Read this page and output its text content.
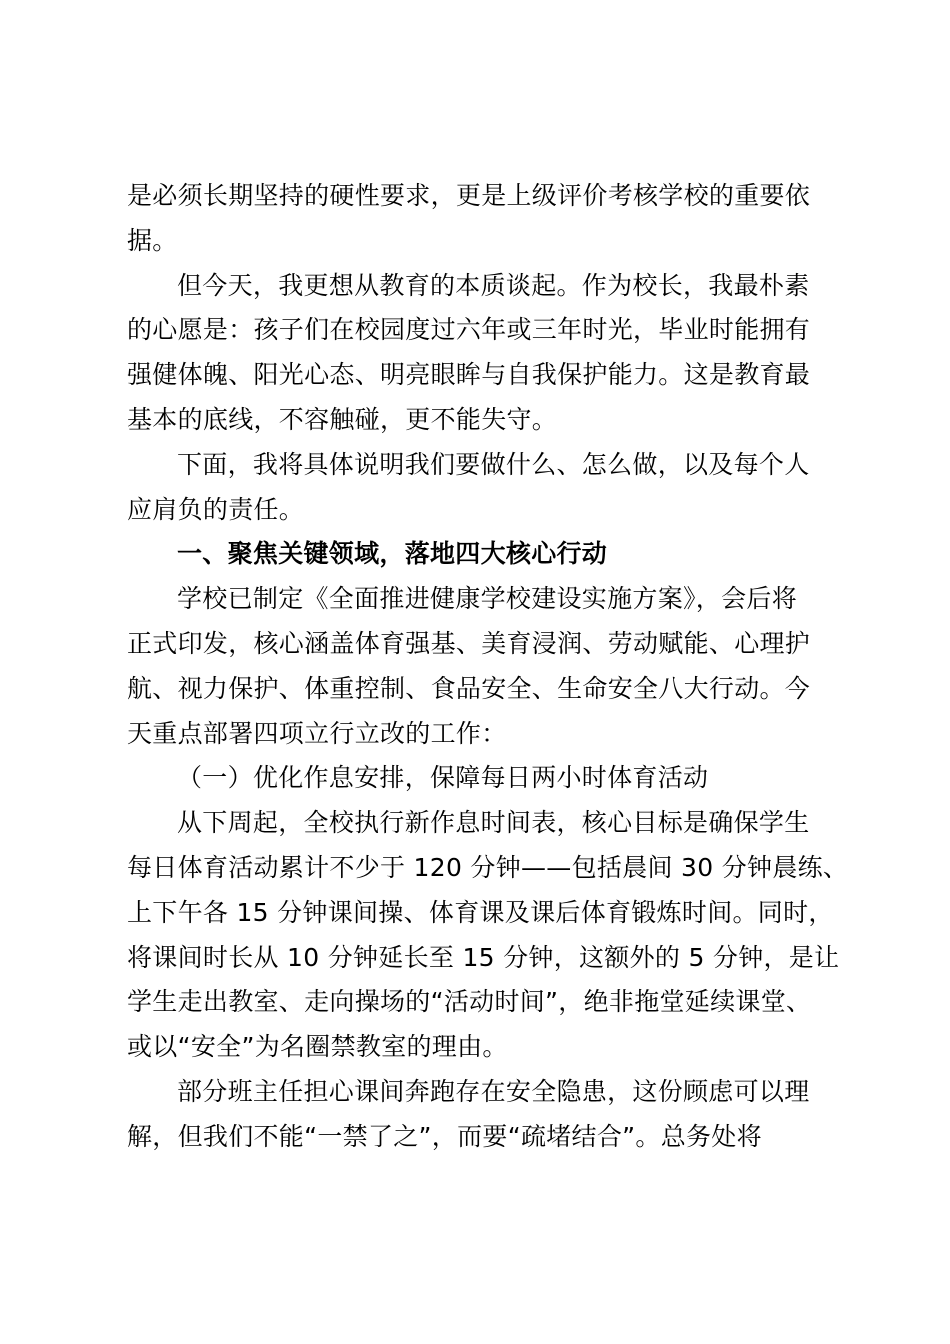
是必须长期坚持的硬性要求，更是上级评价考核学校的重要依
据。
但今天，我更想从教育的本质谈起。作为校长，我最朴素
的心愿是：孩子们在校园度过六年或三年时光，毕业时能拥有
强健体魄、阳光心态、明亮眼眸与自我保护能力。这是教育最
基本的底线，不容触碰，更不能失守。
下面，我将具体说明我们要做什么、怎么做，以及每个人
应肩负的责任。
一、聚焦关键领域，落地四大核心行动
学校已制定《全面推进健康学校建设实施方案》，会后将
正式印发，核心涵盖体育强基、美育浸润、劳动赋能、心理护
航、视力保护、体重控制、食品安全、生命安全八大行动。今
天重点部署四项立行立改的工作：
（一）优化作息安排，保障每日两小时体育活动
从下周起，全校执行新作息时间表，核心目标是确保学生
每日体育活动累计不少于 120 分钟——包括晨间 30 分钟晨练、
上下午各 15 分钟课间操、体育课及课后体育锻炼时间。同时，
将课间时长从 10 分钟延长至 15 分钟，这额外的 5 分钟，是让
学生走出教室、走向操场的“活动时间”，绝非拖堂延续课堂、
或以“安全”为名圈禁教室的理由。
部分班主任担心课间奔跑存在安全隐患，这份顾虑可以理
解，但我们不能“一禁了之”，而要“疏堵结合”。总务处将
